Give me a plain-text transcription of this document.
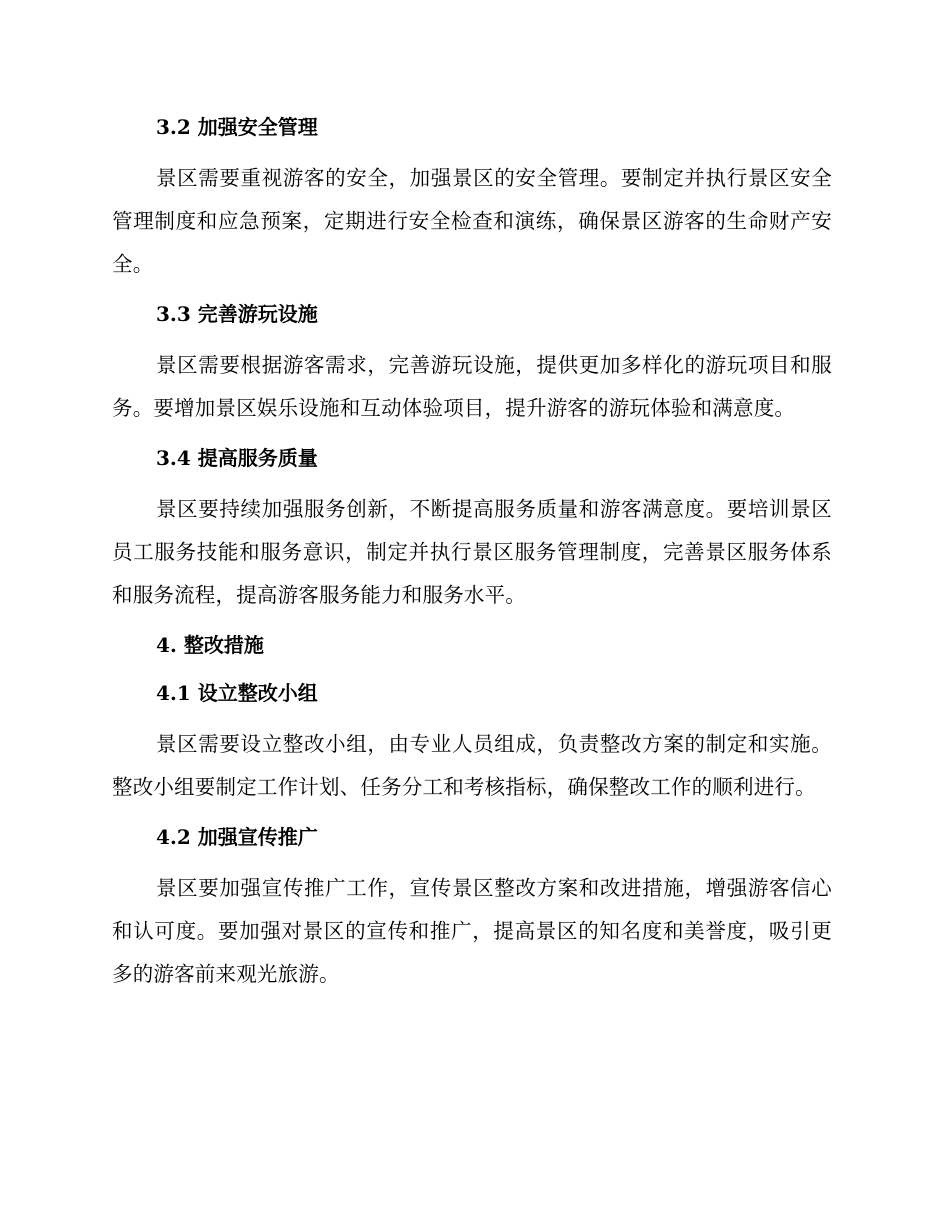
3.2 加强安全管理
景区需要重视游客的安全，加强景区的安全管理。要制定并执行景区安全管理制度和应急预案，定期进行安全检查和演练，确保景区游客的生命财产安全。
3.3 完善游玩设施
景区需要根据游客需求，完善游玩设施，提供更加多样化的游玩项目和服务。要增加景区娱乐设施和互动体验项目，提升游客的游玩体验和满意度。
3.4 提高服务质量
景区要持续加强服务创新，不断提高服务质量和游客满意度。要培训景区员工服务技能和服务意识，制定并执行景区服务管理制度，完善景区服务体系和服务流程，提高游客服务能力和服务水平。
4. 整改措施
4.1 设立整改小组
景区需要设立整改小组，由专业人员组成，负责整改方案的制定和实施。整改小组要制定工作计划、任务分工和考核指标，确保整改工作的顺利进行。
4.2 加强宣传推广
景区要加强宣传推广工作，宣传景区整改方案和改进措施，增强游客信心和认可度。要加强对景区的宣传和推广，提高景区的知名度和美誉度，吸引更多的游客前来观光旅游。
